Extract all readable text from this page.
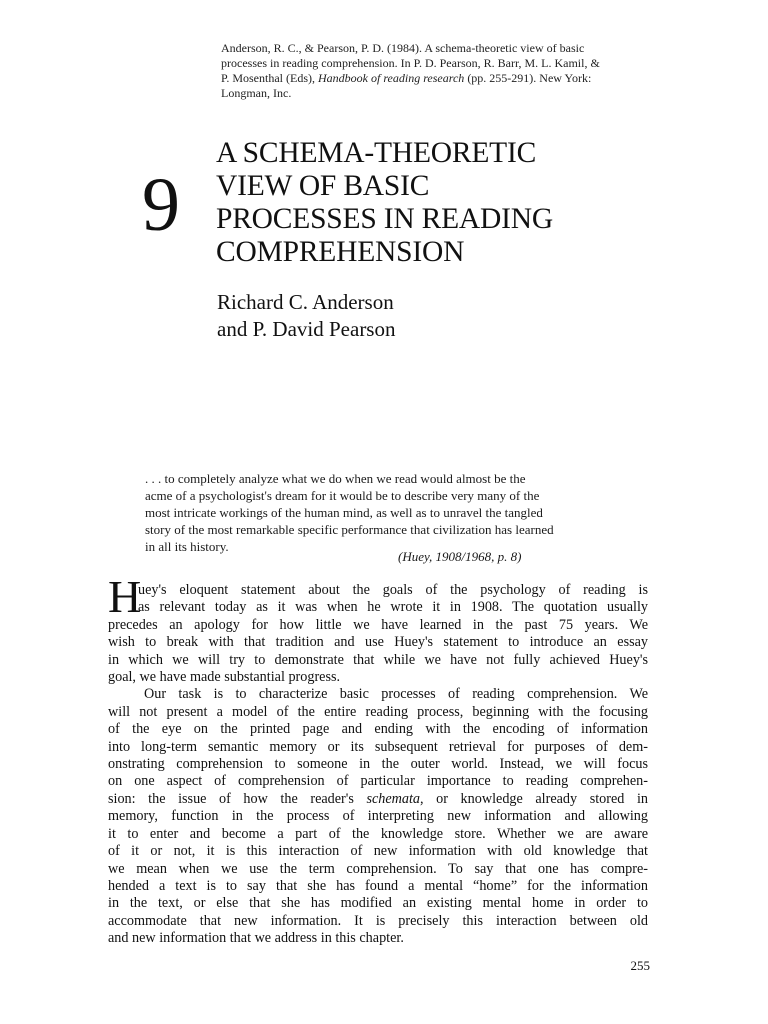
Anderson, R. C., & Pearson, P. D. (1984). A schema-theoretic view of basic
processes in reading comprehension. In P. D. Pearson, R. Barr, M. L. Kamil, &
P. Mosenthal (Eds), Handbook of reading research (pp. 255-291). New York:
Longman, Inc.
9
A SCHEMA-THEORETIC
VIEW OF BASIC
PROCESSES IN READING
COMPREHENSION
Richard C. Anderson
and P. David Pearson
. . . to completely analyze what we do when we read would almost be the
acme of a psychologist's dream for it would be to describe very many of the
most intricate workings of the human mind, as well as to unravel the tangled
story of the most remarkable specific performance that civilization has learned
in all its history.
(Huey, 1908/1968, p. 8)
H
uey's eloquent statement about the goals of the psychology of reading is
as relevant today as it was when he wrote it in 1908. The quotation usually
precedes an apology for how little we have learned in the past 75 years. We
wish to break with that tradition and use Huey's statement to introduce an essay
in which we will try to demonstrate that while we have not fully achieved Huey's
goal, we have made substantial progress.
Our task is to characterize basic processes of reading comprehension. We
will not present a model of the entire reading process, beginning with the focusing
of the eye on the printed page and ending with the encoding of information
into long-term semantic memory or its subsequent retrieval for purposes of dem-
onstrating comprehension to someone in the outer world. Instead, we will focus
on one aspect of comprehension of particular importance to reading comprehen-
sion: the issue of how the reader's schemata, or knowledge already stored in
memory, function in the process of interpreting new information and allowing
it to enter and become a part of the knowledge store. Whether we are aware
of it or not, it is this interaction of new information with old knowledge that
we mean when we use the term comprehension. To say that one has compre-
hended a text is to say that she has found a mental “home” for the information
in the text, or else that she has modified an existing mental home in order to
accommodate that new information. It is precisely this interaction between old
and new information that we address in this chapter.
255
